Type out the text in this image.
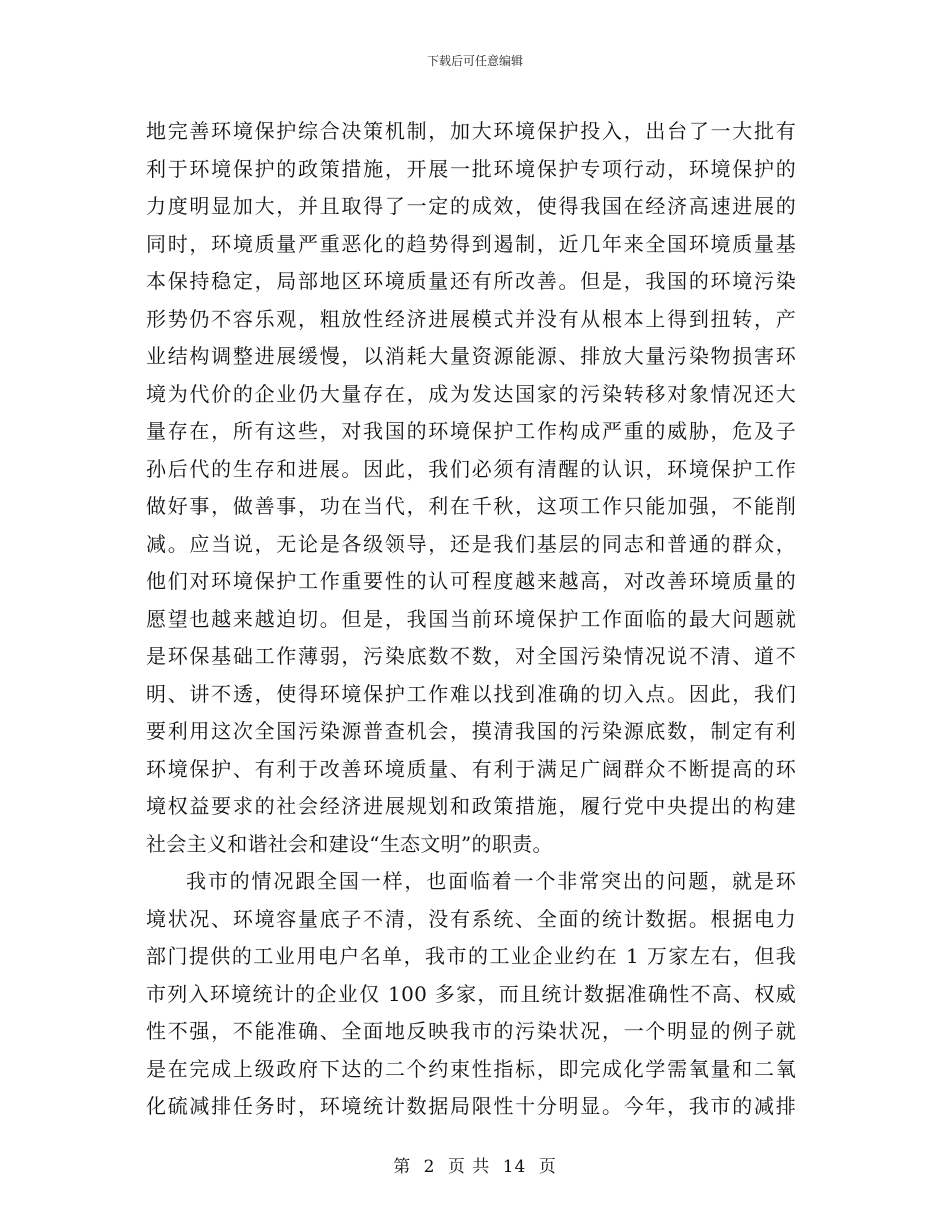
下载后可任意编辑
地完善环境保护综合决策机制，加大环境保护投入，出台了一大批有
利于环境保护的政策措施，开展一批环境保护专项行动，环境保护的
力度明显加大，并且取得了一定的成效，使得我国在经济高速进展的
同时，环境质量严重恶化的趋势得到遏制，近几年来全国环境质量基
本保持稳定，局部地区环境质量还有所改善。但是，我国的环境污染
形势仍不容乐观，粗放性经济进展模式并没有从根本上得到扭转，产
业结构调整进展缓慢，以消耗大量资源能源、排放大量污染物损害环
境为代价的企业仍大量存在，成为发达国家的污染转移对象情况还大
量存在，所有这些，对我国的环境保护工作构成严重的威胁，危及子
孙后代的生存和进展。因此，我们必须有清醒的认识，环境保护工作
做好事，做善事，功在当代，利在千秋，这项工作只能加强，不能削
减。应当说，无论是各级领导，还是我们基层的同志和普通的群众，
他们对环境保护工作重要性的认可程度越来越高，对改善环境质量的
愿望也越来越迫切。但是，我国当前环境保护工作面临的最大问题就
是环保基础工作薄弱，污染底数不数，对全国污染情况说不清、道不
明、讲不透，使得环境保护工作难以找到准确的切入点。因此，我们
要利用这次全国污染源普查机会，摸清我国的污染源底数，制定有利
环境保护、有利于改善环境质量、有利于满足广阔群众不断提高的环
境权益要求的社会经济进展规划和政策措施，履行党中央提出的构建
社会主义和谐社会和建设“生态文明”的职责。
我市的情况跟全国一样，也面临着一个非常突出的问题，就是环
境状况、环境容量底子不清，没有系统、全面的统计数据。根据电力
部门提供的工业用电户名单，我市的工业企业约在 1 万家左右，但我
市列入环境统计的企业仅 100 多家，而且统计数据准确性不高、权威
性不强，不能准确、全面地反映我市的污染状况，一个明显的例子就
是在完成上级政府下达的二个约束性指标，即完成化学需氧量和二氧
化硫减排任务时，环境统计数据局限性十分明显。今年，我市的减排
第 2 页 共 14 页
